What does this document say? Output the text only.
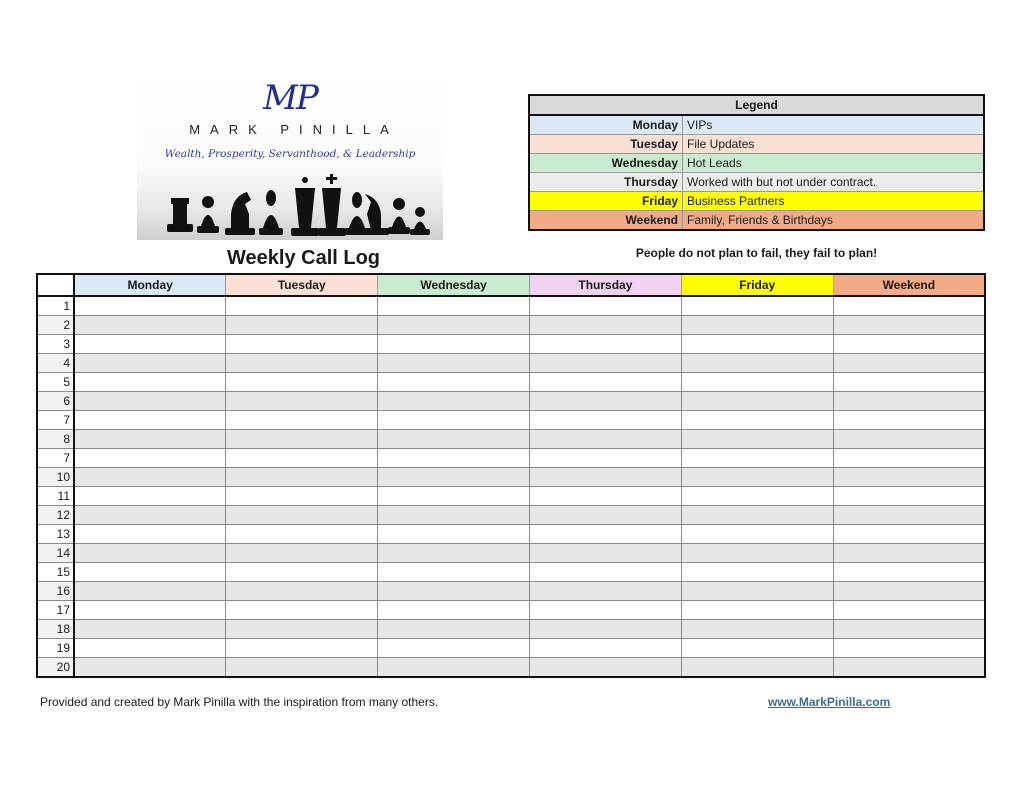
MP
MARK PINILLA
Wealth, Prosperity, Servanthood, & Leadership
Legend	
Monday	VIPs
Tuesday	File Updates
Wednesday	Hot Leads
Thursday	Worked with but not under contract.
Friday	Business Partners
Weekend	Family, Friends & Birthdays
People do not plan to fail, they fail to plan!
Weekly Call Log
	Monday	Tuesday	Wednesday	Thursday	Friday	Weekend
1						
2						
3						
4						
5						
6						
7						
8						
7						
10						
11						
12						
13						
14						
15						
16						
17						
18						
19						
20						
Provided and created by Mark Pinilla with the inspiration from many others.	www.MarkPinilla.com
